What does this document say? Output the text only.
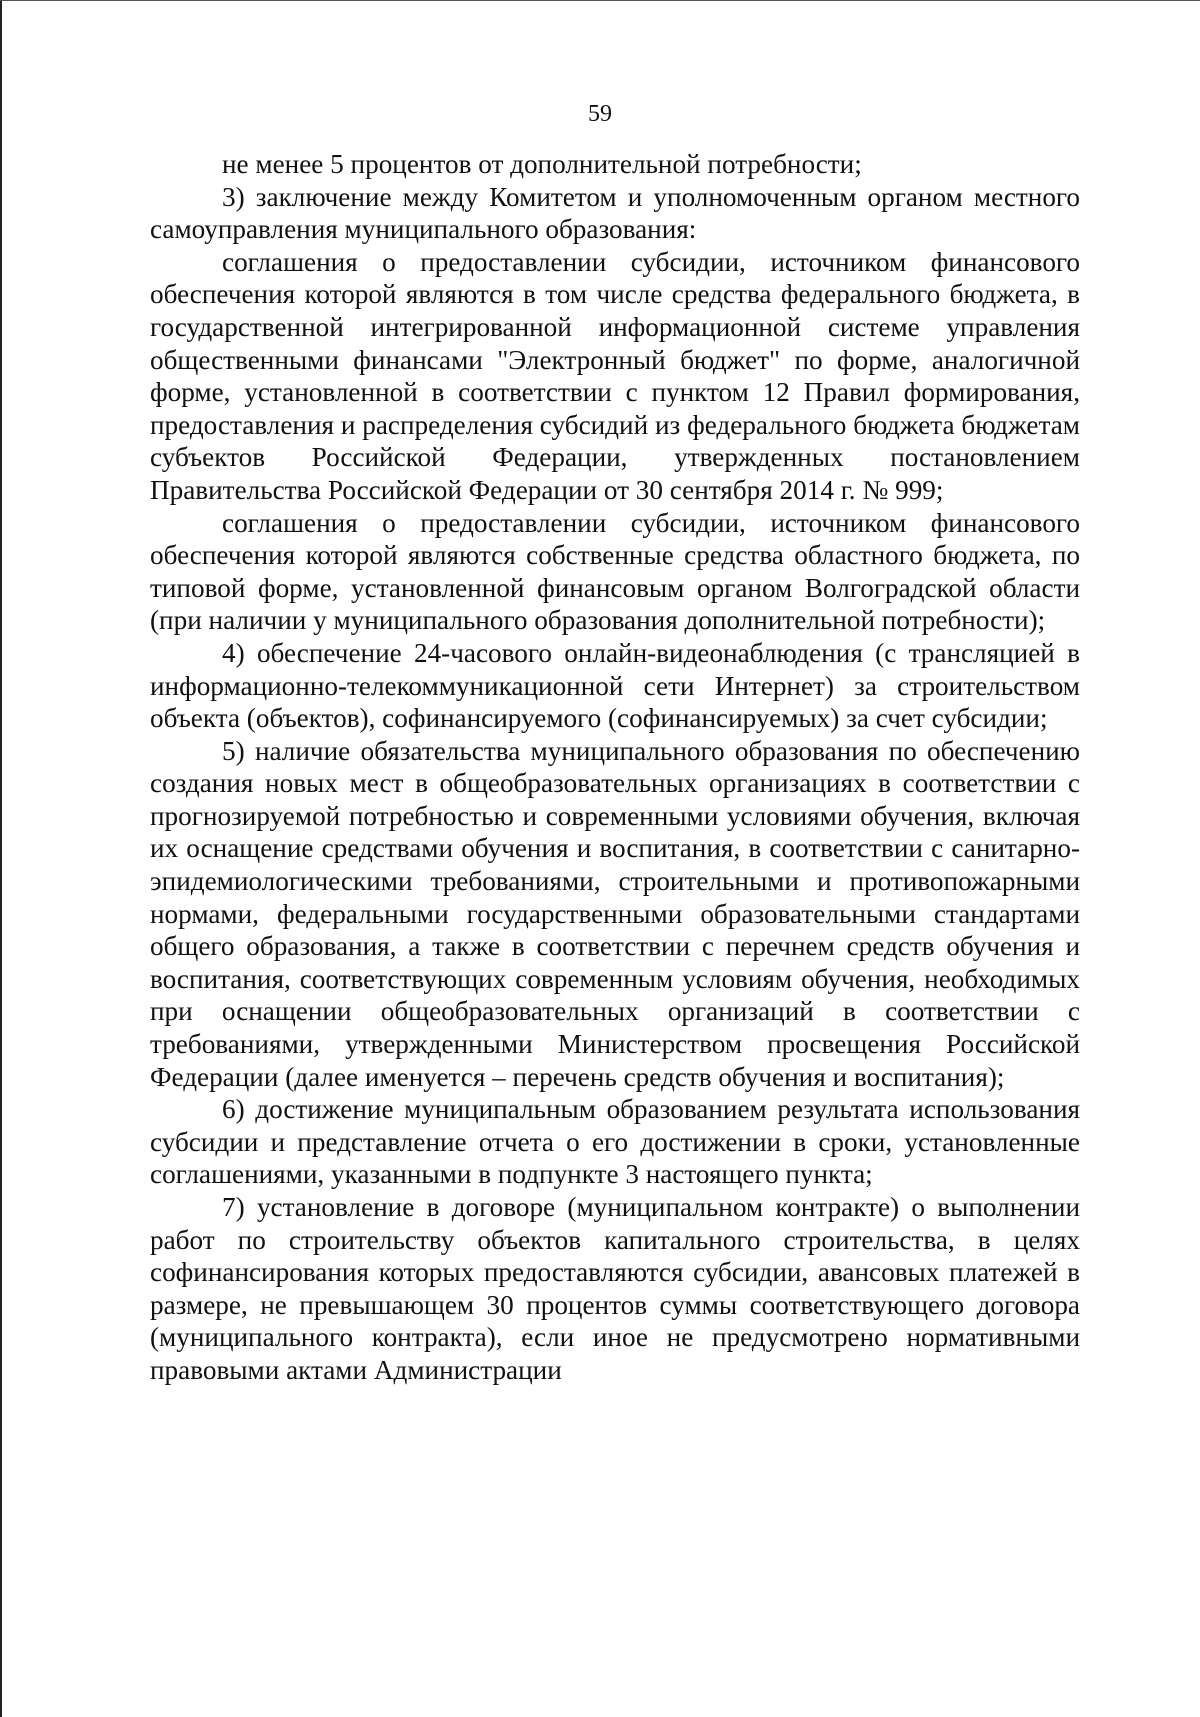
59

не менее 5 процентов от дополнительной потребности;

3) заключение между Комитетом и уполномоченным органом местного самоуправления муниципального образования:

соглашения о предоставлении субсидии, источником финансового обеспечения которой являются в том числе средства федерального бюджета, в государственной интегрированной информационной системе управления общественными финансами "Электронный бюджет" по форме, аналогичной форме, установленной в соответствии с пунктом 12 Правил формирования, предоставления и распределения субсидий из федерального бюджета бюджетам субъектов Российской Федерации, утвержденных постановлением Правительства Российской Федерации от 30 сентября 2014 г. № 999;

соглашения о предоставлении субсидии, источником финансового обеспечения которой являются собственные средства областного бюджета, по типовой форме, установленной финансовым органом Волгоградской области (при наличии у муниципального образования дополнительной потребности);

4) обеспечение 24-часового онлайн-видеонаблюдения (с трансляцией в информационно-телекоммуникационной сети Интернет) за строительством объекта (объектов), софинансируемого (софинансируемых) за счет субсидии;

5) наличие обязательства муниципального образования по обеспечению создания новых мест в общеобразовательных организациях в соответствии с прогнозируемой потребностью и современными условиями обучения, включая их оснащение средствами обучения и воспитания, в соответствии с санитарно-эпидемиологическими требованиями, строительными и противопожарными нормами, федеральными государственными образовательными стандартами общего образования, а также в соответствии с перечнем средств обучения и воспитания, соответствующих современным условиям обучения, необходимых при оснащении общеобразовательных организаций в соответствии с требованиями, утвержденными Министерством просвещения Российской Федерации (далее именуется – перечень средств обучения и воспитания);

6) достижение муниципальным образованием результата использования субсидии и представление отчета о его достижении в сроки, установленные соглашениями, указанными в подпункте 3 настоящего пункта;

7) установление в договоре (муниципальном контракте) о выполнении работ по строительству объектов капитального строительства, в целях софинансирования которых предоставляются субсидии, авансовых платежей в размере, не превышающем 30 процентов суммы соответствующего договора (муниципального контракта), если иное не предусмотрено нормативными правовыми актами Администрации
